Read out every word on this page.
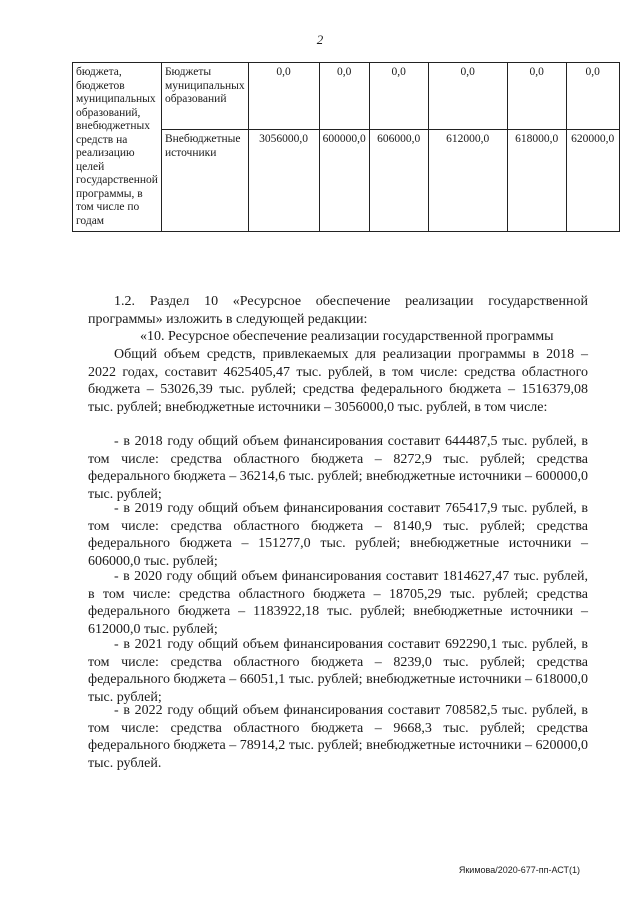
2
бюджета, бюджетов муниципальных образований, внебюджетных средств на реализацию целей государственной программы, в том числе по годам	Бюджеты муниципальных образований	0,0	0,0	0,0	0,0	0,0	0,0
	Внебюджетные источники	3056000,0	600000,0	606000,0	612000,0	618000,0	620000,0

1.2. Раздел 10 «Ресурсное обеспечение реализации государственной программы» изложить в следующей редакции:

«10. Ресурсное обеспечение реализации государственной программы

Общий объем средств, привлекаемых для реализации программы в 2018 – 2022 годах, составит 4625405,47 тыс. рублей, в том числе: средства областного бюджета – 53026,39 тыс. рублей; средства федерального бюджета – 1516379,08 тыс. рублей; внебюджетные источники – 3056000,0 тыс. рублей, в том числе:

- в 2018 году общий объем финансирования составит 644487,5 тыс. рублей, в том числе: средства областного бюджета – 8272,9 тыс. рублей; средства федерального бюджета – 36214,6 тыс. рублей; внебюджетные источники – 600000,0 тыс. рублей;
- в 2019 году общий объем финансирования составит 765417,9 тыс. рублей, в том числе: средства областного бюджета – 8140,9 тыс. рублей; средства федерального бюджета – 151277,0 тыс. рублей; внебюджетные источники – 606000,0 тыс. рублей;
- в 2020 году общий объем финансирования составит 1814627,47 тыс. рублей, в том числе: средства областного бюджета – 18705,29 тыс. рублей; средства федерального бюджета – 1183922,18 тыс. рублей; внебюджетные источники – 612000,0 тыс. рублей;
- в 2021 году общий объем финансирования составит 692290,1 тыс. рублей, в том числе: средства областного бюджета – 8239,0 тыс. рублей; средства федерального бюджета – 66051,1 тыс. рублей; внебюджетные источники – 618000,0 тыс. рублей;
- в 2022 году общий объем финансирования составит 708582,5 тыс. рублей, в том числе: средства областного бюджета – 9668,3 тыс. рублей; средства федерального бюджета – 78914,2 тыс. рублей; внебюджетные источники – 620000,0 тыс. рублей.
Якимова/2020-677-пп-АСТ(1)
